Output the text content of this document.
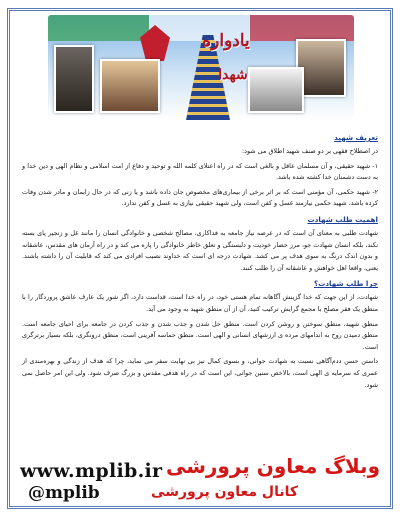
یادواره
شهدا
تعریف شهید

در اصطلاح فقهی بر دو صنف شهید اطلاق می شود:

۱- شهید حقیقی، و آن مسلمان عاقل و بالغی است که در راه اعتلای کلمه الله و توحید و دفاع از امت اسلامی و نظام الهی و دین خدا و به دست دشمنان خدا کشته شده باشد.

۲- شهید حکمی، آن مؤمنی است که بر اثر برخی از بیماری‌های مخصوص جان داده باشد و یا زنی که در حال زایمان و مادر شدن وفات کرده باشد، شهید حکمی نیازمند غسل و کفن است، ولی شهید حقیقی نیازی به غسل و کفن ندارد.

اهمیت طلب شهادت

شهادت طلبی به معنای آن است که در عرصه نیاز جامعه به فداکاری، مصالح شخصی و خانوادگی انسان را مانند غل و زنجیر پای بسته نکند، بلکه انسان شهادت جو، مرز حصار خودیت و دلبستگی و تعلق خاطر خانوادگی را پاره می کند و در راه آرمان های مقدس، عاشقانه و بدون اندک درنگ به سوی هدف پر می کشد. شهادت درجه ای است که خداوند نصیب افرادی می کند که قابلیت آن را داشته باشند. یعنی، واقعا اهل خواهش و عاشقانه آن را طلب کنند.

چرا طلب شهادت؟

شهادت، از این جهت که خدا گزینش آگاهانه تمام هستی خود، در راه خدا است، قداست دارد، اگر شور یک عارف عاشق پروردگار را با منطق یک فقر مصلح با مجمع گرایش ترکیب کنید، آن از آن منطق شهید به وجود می آید.

منطق شهید، منطق سوختن و روشن کردن است. منطق حل شدن و جذب شدن و جذب کردن در جامعه برای احیای جامعه است. منطق دمیدن روح به اندامهای مرده ی ارزشهای انسانی و الهی است. منطق حماسه آفرینی است، منطق درونگری، بلکه بسیار برترگری است.

داستن حسن ددم‌آگاهی نسبت به شهادت جوانی، و بسوی کمال نیز بی نهایت سفر می نماید، چرا که هدف از زندگی و بهره‌مندی از عمری که سرمایه ی الهی است، بالاخص سنین جوانی، این است که در راه هدفی مقدس و بزرگ صرف شود. ولی این امر حاصل نمی شود.

www.mplib.ir وبلاگ معاون پرورشی
کانال معاون پرورشی
@mplib
